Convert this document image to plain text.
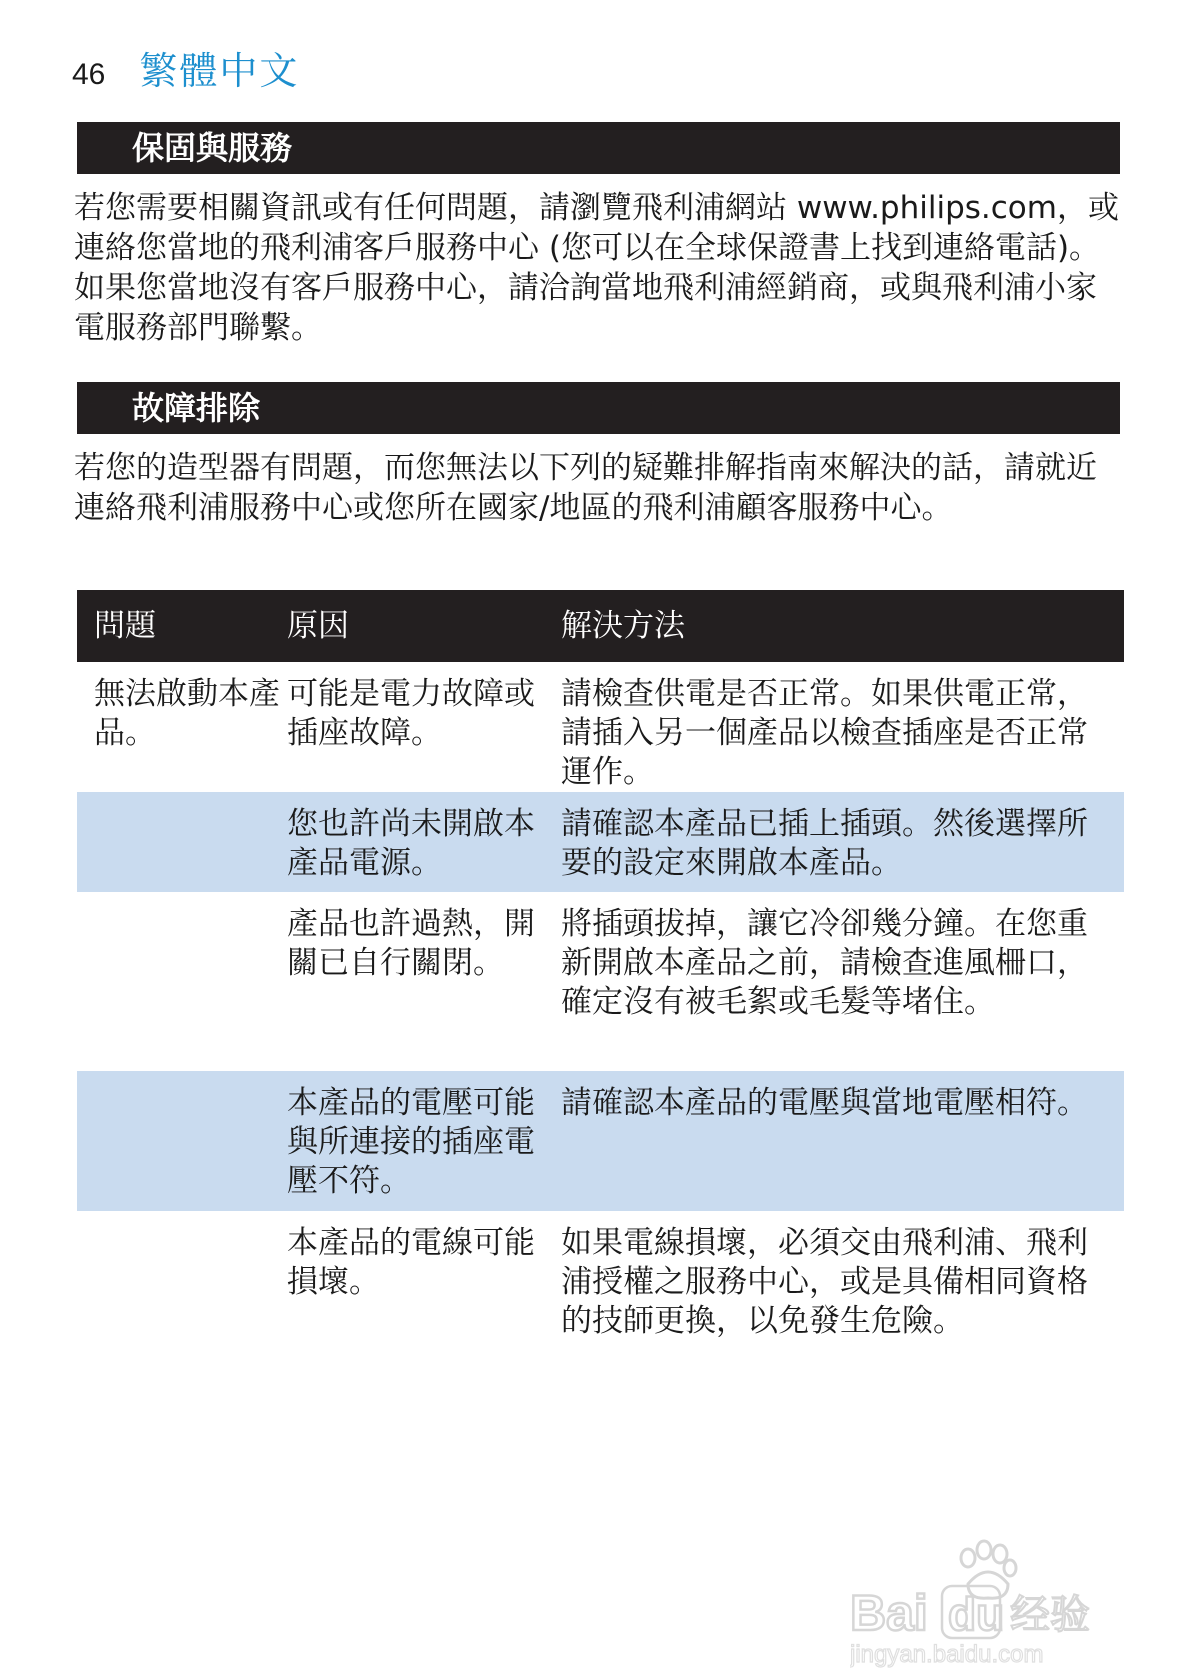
46 繁體中文
保固與服務

若您需要相關資訊或有任何問題，請瀏覽飛利浦網站 www.philips.com，或連絡您當地的飛利浦客戶服務中心 (您可以在全球保證書上找到連絡電話)。如果您當地沒有客戶服務中心，請洽詢當地飛利浦經銷商，或與飛利浦小家電服務部門聯繫。

故障排除

若您的造型器有問題，而您無法以下列的疑難排解指南來解決的話，請就近連絡飛利浦服務中心或您所在國家/地區的飛利浦顧客服務中心。

問題	原因	解決方法
無法啟動本產品。	可能是電力故障或插座故障。	請檢查供電是否正常。如果供電正常，請插入另一個產品以檢查插座是否正常運作。
	您也許尚未開啟本產品電源。	請確認本產品已插上插頭。然後選擇所要的設定來開啟本產品。
	產品也許過熱，開關已自行關閉。	將插頭拔掉，讓它冷卻幾分鐘。在您重新開啟本產品之前，請檢查進風柵口，確定沒有被毛絮或毛髮等堵住。
	本產品的電壓可能與所連接的插座電壓不符。	請確認本產品的電壓與當地電壓相符。
	本產品的電線可能損壞。	如果電線損壞，必須交由飛利浦、飛利浦授權之服務中心，或是具備相同資格的技師更換，以免發生危險。
Bai du 经验
jingyan.baidu.com
